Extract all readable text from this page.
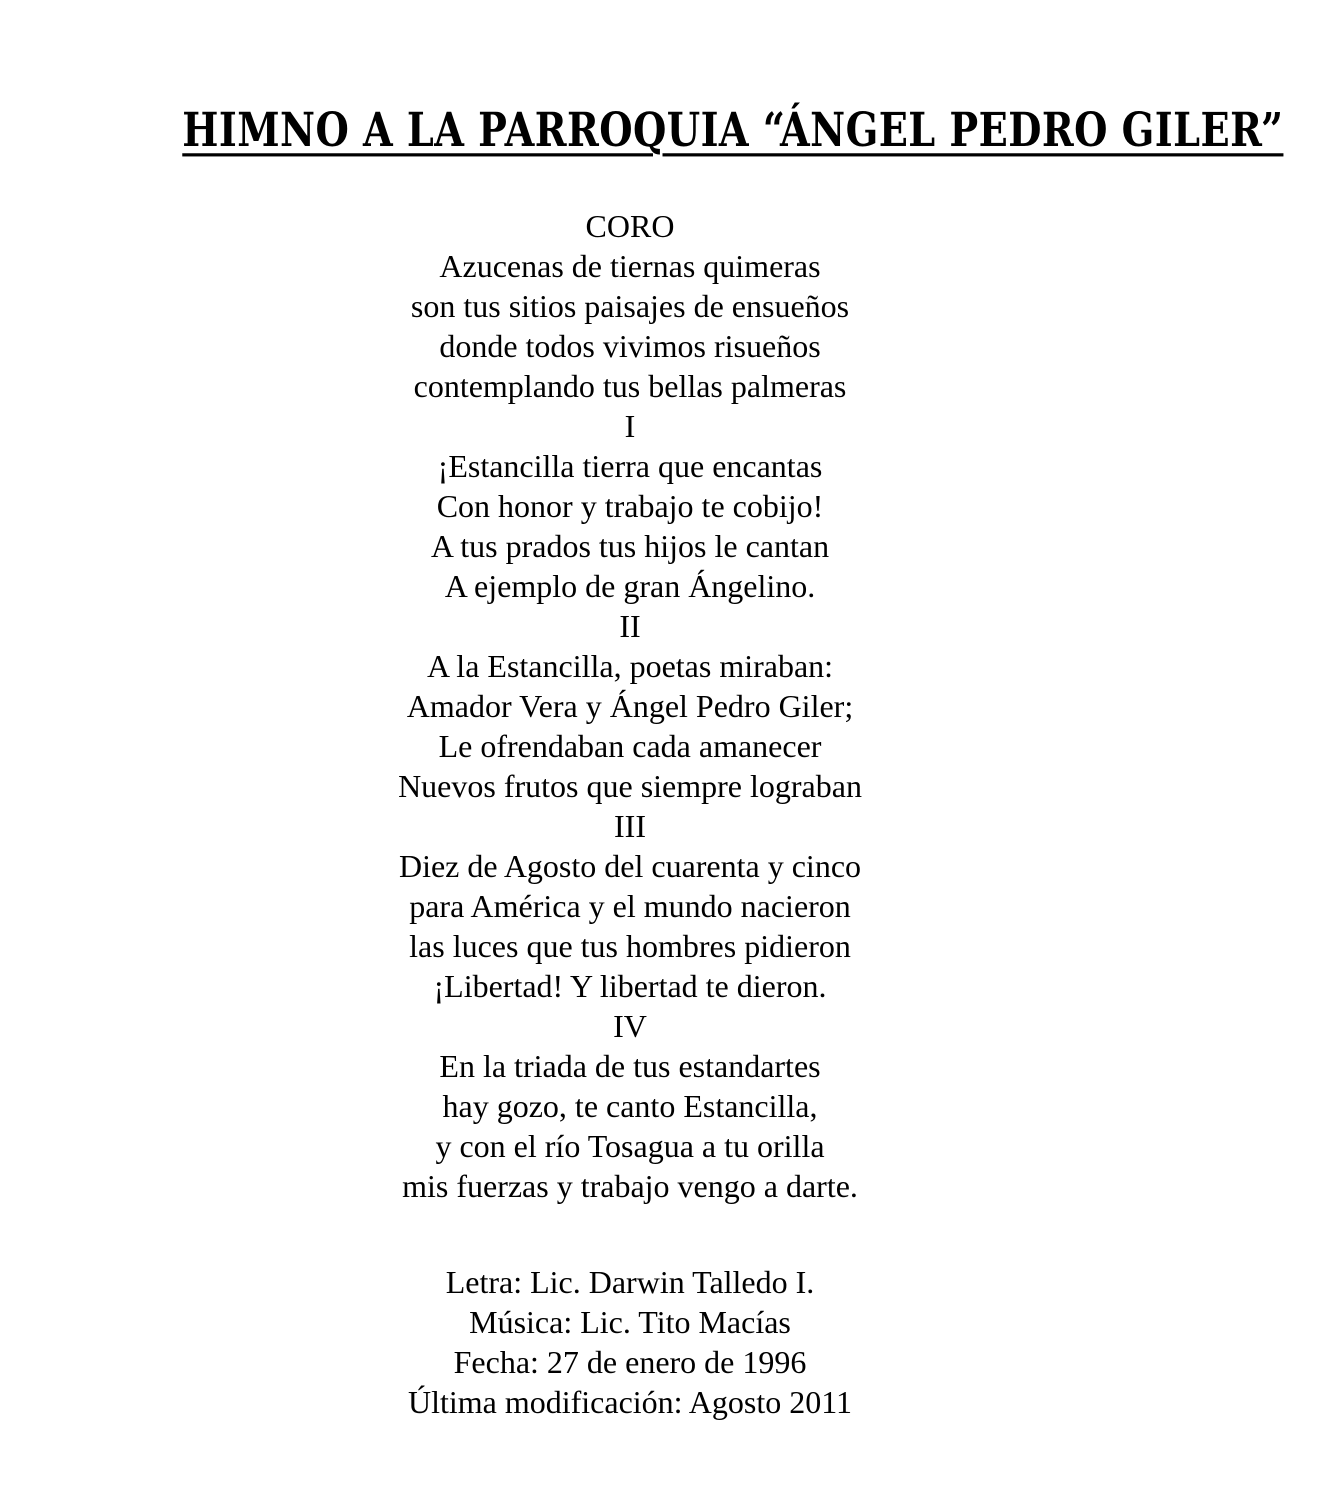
HIMNO A LA PARROQUIA “ÁNGEL PEDRO GILER”
CORO
Azucenas de tiernas quimeras
son tus sitios paisajes de ensueños
donde todos vivimos risueños
contemplando tus bellas palmeras
I
¡Estancilla tierra que encantas
Con honor y trabajo te cobijo!
A tus prados tus hijos le cantan
A ejemplo de gran Ángelino.
II
A la Estancilla, poetas miraban:
Amador Vera y Ángel Pedro Giler;
Le ofrendaban cada amanecer
Nuevos frutos que siempre lograban
III
Diez de Agosto del cuarenta y cinco
para América y el mundo nacieron
las luces que tus hombres pidieron
¡Libertad! Y libertad te dieron.
IV
En la triada de tus estandartes
hay gozo, te canto Estancilla,
y con el río Tosagua a tu orilla
mis fuerzas y trabajo vengo a darte.
Letra: Lic. Darwin Talledo I.
Música: Lic. Tito Macías
Fecha: 27 de enero de 1996
Última modificación: Agosto 2011
